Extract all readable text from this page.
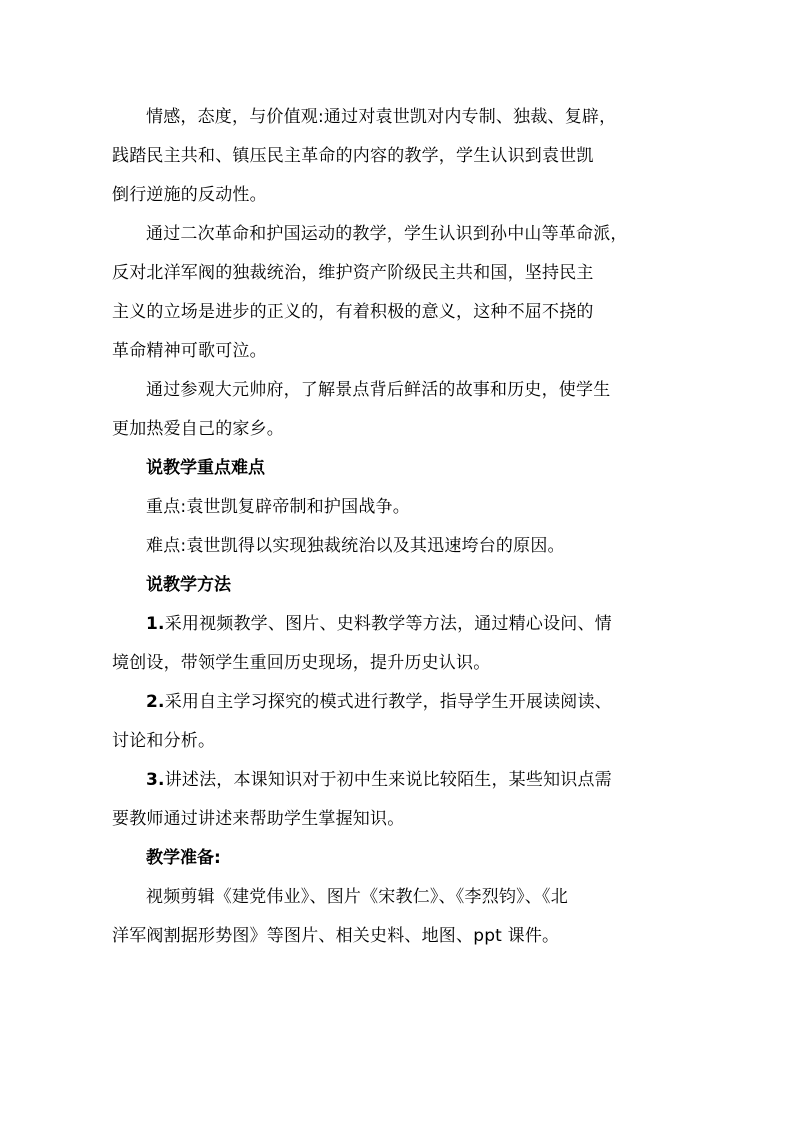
情感，态度，与价值观:通过对袁世凯对内专制、独裁、复辟，
践踏民主共和、镇压民主革命的内容的教学，学生认识到袁世凯
倒行逆施的反动性。

通过二次革命和护国运动的教学，学生认识到孙中山等革命派，
反对北洋军阀的独裁统治，维护资产阶级民主共和国，坚持民主
主义的立场是进步的正义的，有着积极的意义，这种不屈不挠的
革命精神可歌可泣。

通过参观大元帅府，了解景点背后鲜活的故事和历史，使学生
更加热爱自己的家乡。

说教学重点难点

重点:袁世凯复辟帝制和护国战争。

难点:袁世凯得以实现独裁统治以及其迅速垮台的原因。

说教学方法

1.采用视频教学、图片、史料教学等方法，通过精心设问、情
境创设，带领学生重回历史现场，提升历史认识。

2.采用自主学习探究的模式进行教学，指导学生开展读阅读、
讨论和分析。

3.讲述法，本课知识对于初中生来说比较陌生，某些知识点需
要教师通过讲述来帮助学生掌握知识。

教学准备:

视频剪辑《建党伟业》、图片《宋教仁》、《李烈钧》、《北
洋军阀割据形势图》等图片、相关史料、地图、ppt 课件。
